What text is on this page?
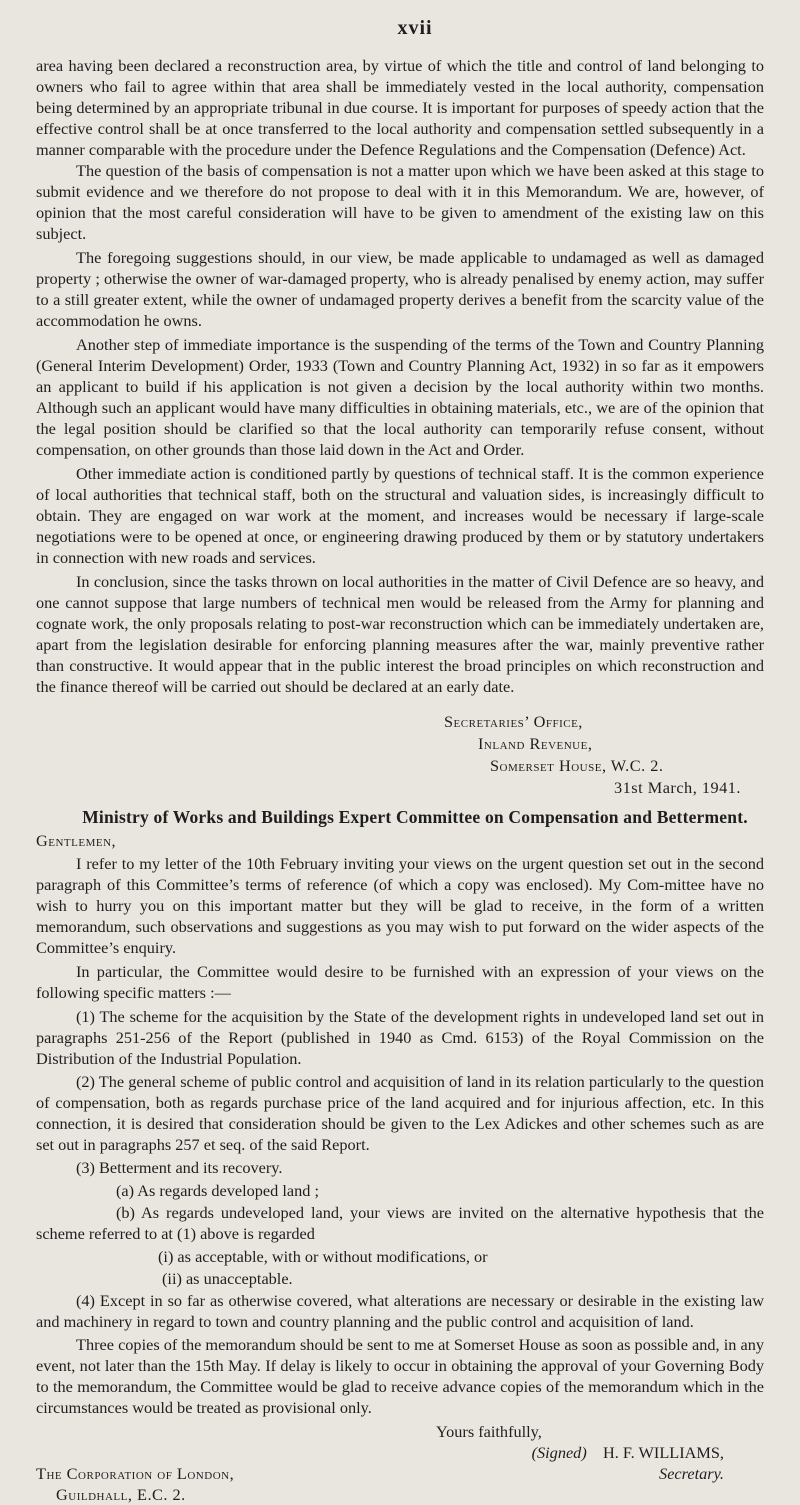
xvii

area having been declared a reconstruction area, by virtue of which the title and control of land belonging to owners who fail to agree within that area shall be immediately vested in the local authority, compensation being determined by an appropriate tribunal in due course. It is important for purposes of speedy action that the effective control shall be at once transferred to the local authority and compensation settled subsequently in a manner comparable with the procedure under the Defence Regulations and the Compensation (Defence) Act.

The question of the basis of compensation is not a matter upon which we have been asked at this stage to submit evidence and we therefore do not propose to deal with it in this Memorandum. We are, however, of opinion that the most careful consideration will have to be given to amendment of the existing law on this subject.

The foregoing suggestions should, in our view, be made applicable to undamaged as well as damaged property ; otherwise the owner of war-damaged property, who is already penalised by enemy action, may suffer to a still greater extent, while the owner of undamaged property derives a benefit from the scarcity value of the accommodation he owns.

Another step of immediate importance is the suspending of the terms of the Town and Country Planning (General Interim Development) Order, 1933 (Town and Country Planning Act, 1932) in so far as it empowers an applicant to build if his application is not given a decision by the local authority within two months. Although such an applicant would have many difficulties in obtaining materials, etc., we are of the opinion that the legal position should be clarified so that the local authority can temporarily refuse consent, without compensation, on other grounds than those laid down in the Act and Order.

Other immediate action is conditioned partly by questions of technical staff. It is the common experience of local authorities that technical staff, both on the structural and valuation sides, is increasingly difficult to obtain. They are engaged on war work at the moment, and increases would be necessary if large-scale negotiations were to be opened at once, or engineering drawing produced by them or by statutory undertakers in connection with new roads and services.

In conclusion, since the tasks thrown on local authorities in the matter of Civil Defence are so heavy, and one cannot suppose that large numbers of technical men would be released from the Army for planning and cognate work, the only proposals relating to post-war reconstruction which can be immediately undertaken are, apart from the legislation desirable for enforcing planning measures after the war, mainly preventive rather than constructive. It would appear that in the public interest the broad principles on which reconstruction and the finance thereof will be carried out should be declared at an early date.

Secretaries’ Office,
Inland Revenue,
Somerset House, W.C. 2.
31st March, 1941.
Ministry of Works and Buildings Expert Committee on Compensation and Betterment.
Gentlemen,

I refer to my letter of the 10th February inviting your views on the urgent question set out in the second paragraph of this Committee’s terms of reference (of which a copy was enclosed). My Com-mittee have no wish to hurry you on this important matter but they will be glad to receive, in the form of a written memorandum, such observations and suggestions as you may wish to put forward on the wider aspects of the Committee’s enquiry.

In particular, the Committee would desire to be furnished with an expression of your views on the following specific matters :—

(1) The scheme for the acquisition by the State of the development rights in undeveloped land set out in paragraphs 251-256 of the Report (published in 1940 as Cmd. 6153) of the Royal Commission on the Distribution of the Industrial Population.

(2) The general scheme of public control and acquisition of land in its relation particularly to the question of compensation, both as regards purchase price of the land acquired and for injurious affection, etc. In this connection, it is desired that consideration should be given to the Lex Adickes and other schemes such as are set out in paragraphs 257 et seq. of the said Report.

(3) Betterment and its recovery.

(a) As regards developed land ;

(b) As regards undeveloped land, your views are invited on the alternative hypothesis that the scheme referred to at (1) above is regarded

(i) as acceptable, with or without modifications, or

(ii) as unacceptable.

(4) Except in so far as otherwise covered, what alterations are necessary or desirable in the existing law and machinery in regard to town and country planning and the public control and acquisition of land.

Three copies of the memorandum should be sent to me at Somerset House as soon as possible and, in any event, not later than the 15th May. If delay is likely to occur in obtaining the approval of your Governing Body to the memorandum, the Committee would be glad to receive advance copies of the memorandum which in the circumstances would be treated as provisional only.

Yours faithfully,
The Corporation of London,
(Signed) H. F. WILLIAMS,
Secretary.
Guildhall, E.C. 2.
